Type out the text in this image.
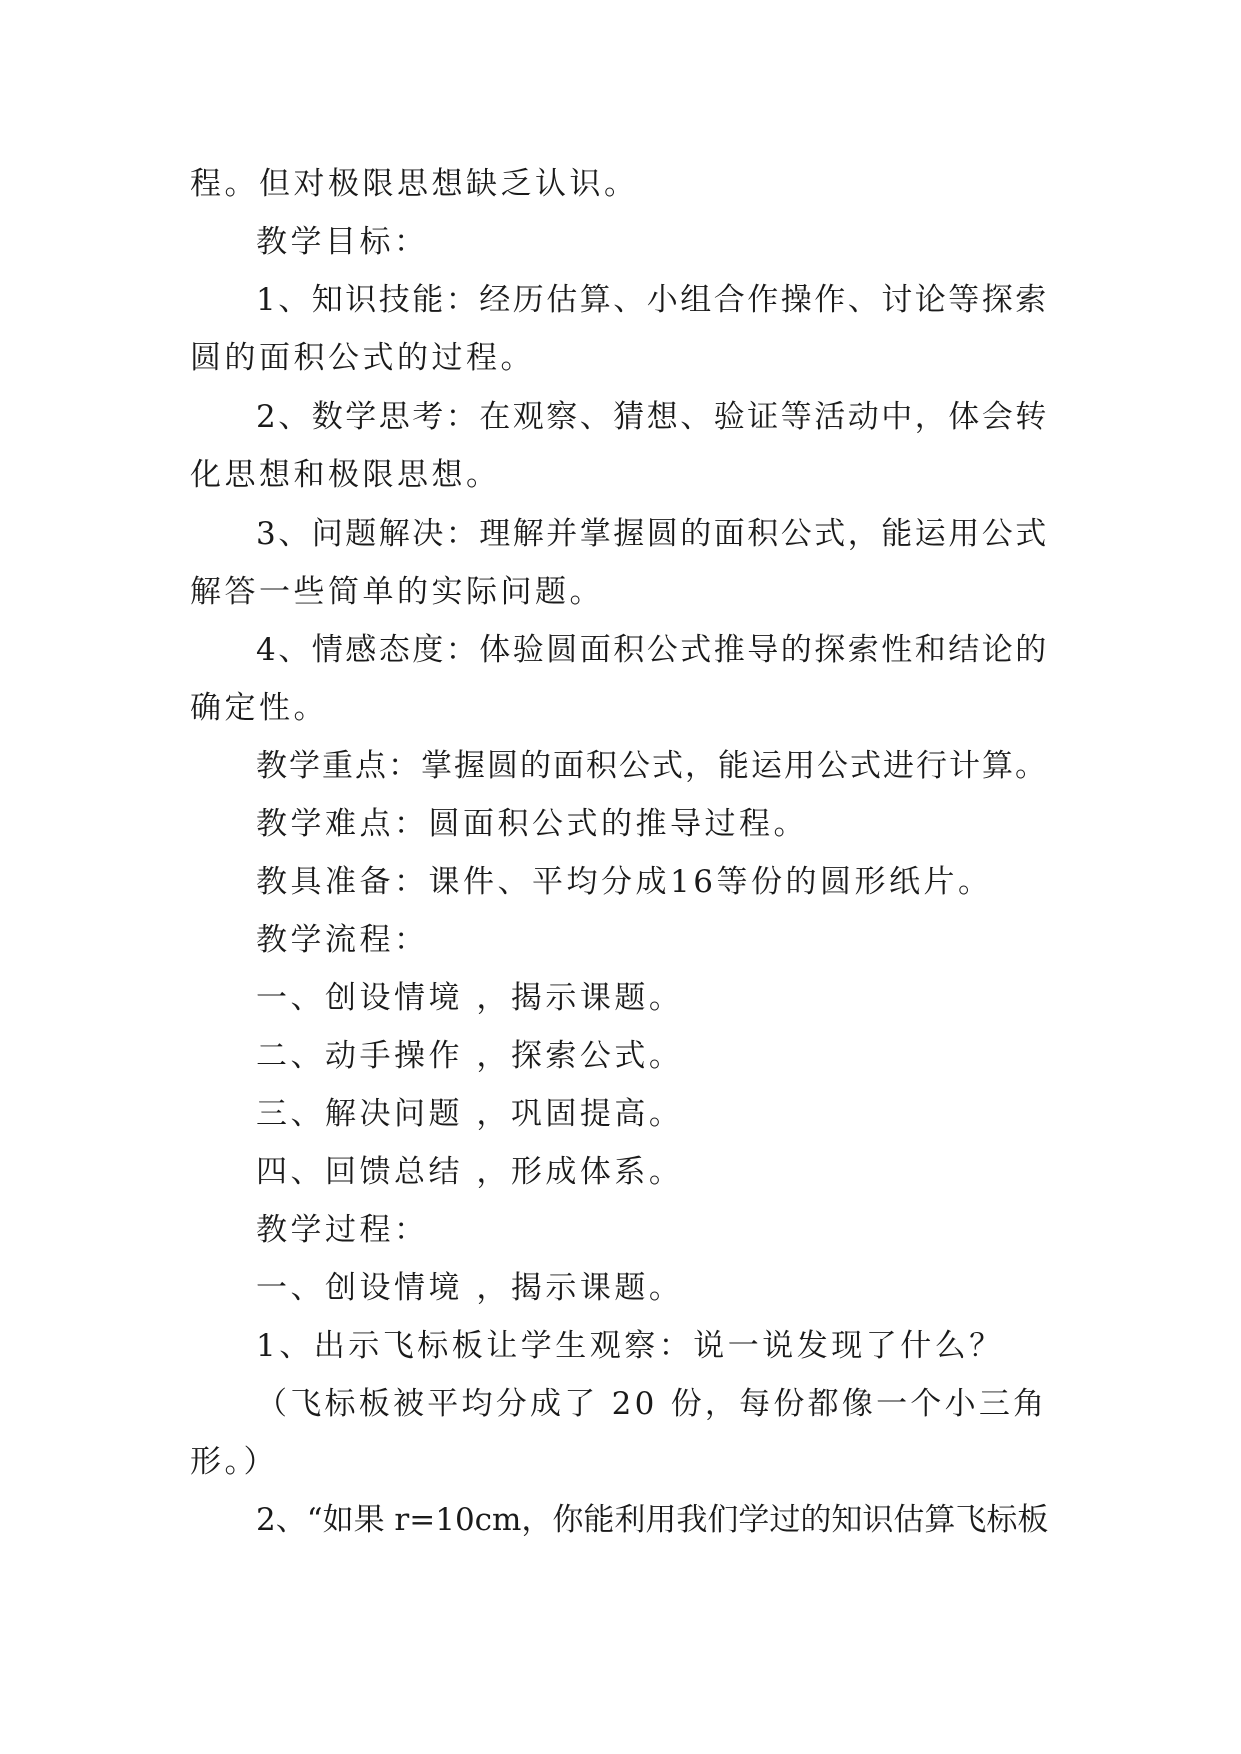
程。但对极限思想缺乏认识。
教学目标：
1、知识技能：经历估算、小组合作操作、讨论等探索
圆的面积公式的过程。
2、数学思考：在观察、猜想、验证等活动中，体会转
化思想和极限思想。
3、问题解决：理解并掌握圆的面积公式，能运用公式
解答一些简单的实际问题。
4、情感态度：体验圆面积公式推导的探索性和结论的
确定性。
教学重点：掌握圆的面积公式，能运用公式进行计算。
教学难点：圆面积公式的推导过程。
教具准备：课件、平均分成16等份的圆形纸片。
教学流程：
一、创设情境 ，揭示课题。
二、动手操作 ，探索公式。
三、解决问题 ，巩固提高。
四、回馈总结 ，形成体系。
教学过程：
一、创设情境 ，揭示课题。
1、出示飞标板让学生观察：说一说发现了什么？
（飞标板被平均分成了 20 份，每份都像一个小三角
形。）
2、“如果 r=10cm，你能利用我们学过的知识估算飞标板
